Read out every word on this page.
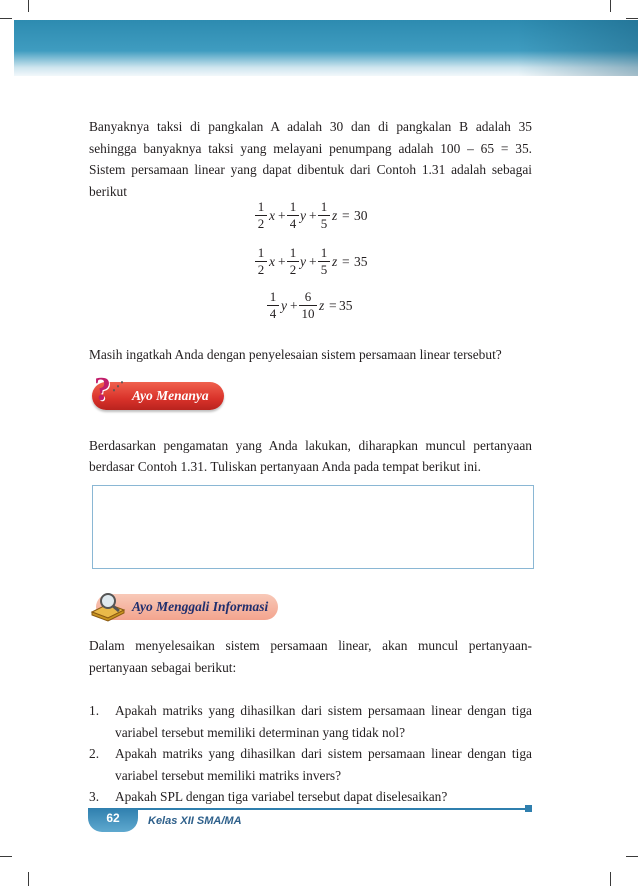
Banyaknya taksi di pangkalan A adalah 30 dan di pangkalan B adalah 35

sehingga banyaknya taksi yang melayani penumpang adalah 100 – 65 = 35.

Sistem persamaan linear yang dapat dibentuk dari Contoh 1.31 adalah sebagai

berikut

1
2
x +
1
4
y +
1
5
z = 30
1
2
x +
1
2
y +
1
5
z = 35
1
4
y +
6
10
z = 35

Masih ingatkah Anda dengan penyelesaian sistem persamaan linear tersebut?

? ⋰
Ayo Menanya

Berdasarkan pengamatan yang Anda lakukan, diharapkan muncul pertanyaan

berdasar Contoh 1.31. Tuliskan pertanyaan Anda pada tempat berikut ini.

Ayo Menggali Informasi

Dalam menyelesaikan sistem persamaan linear, akan muncul pertanyaan-

pertanyaan sebagai berikut:

1. Apakah matriks yang dihasilkan dari sistem persamaan linear dengan tiga
variabel tersebut memiliki determinan yang tidak nol?
2. Apakah matriks yang dihasilkan dari sistem persamaan linear dengan tiga
variabel tersebut memiliki matriks invers?
3. Apakah SPL dengan tiga variabel tersebut dapat diselesaikan?
62	Kelas XII SMA/MA
